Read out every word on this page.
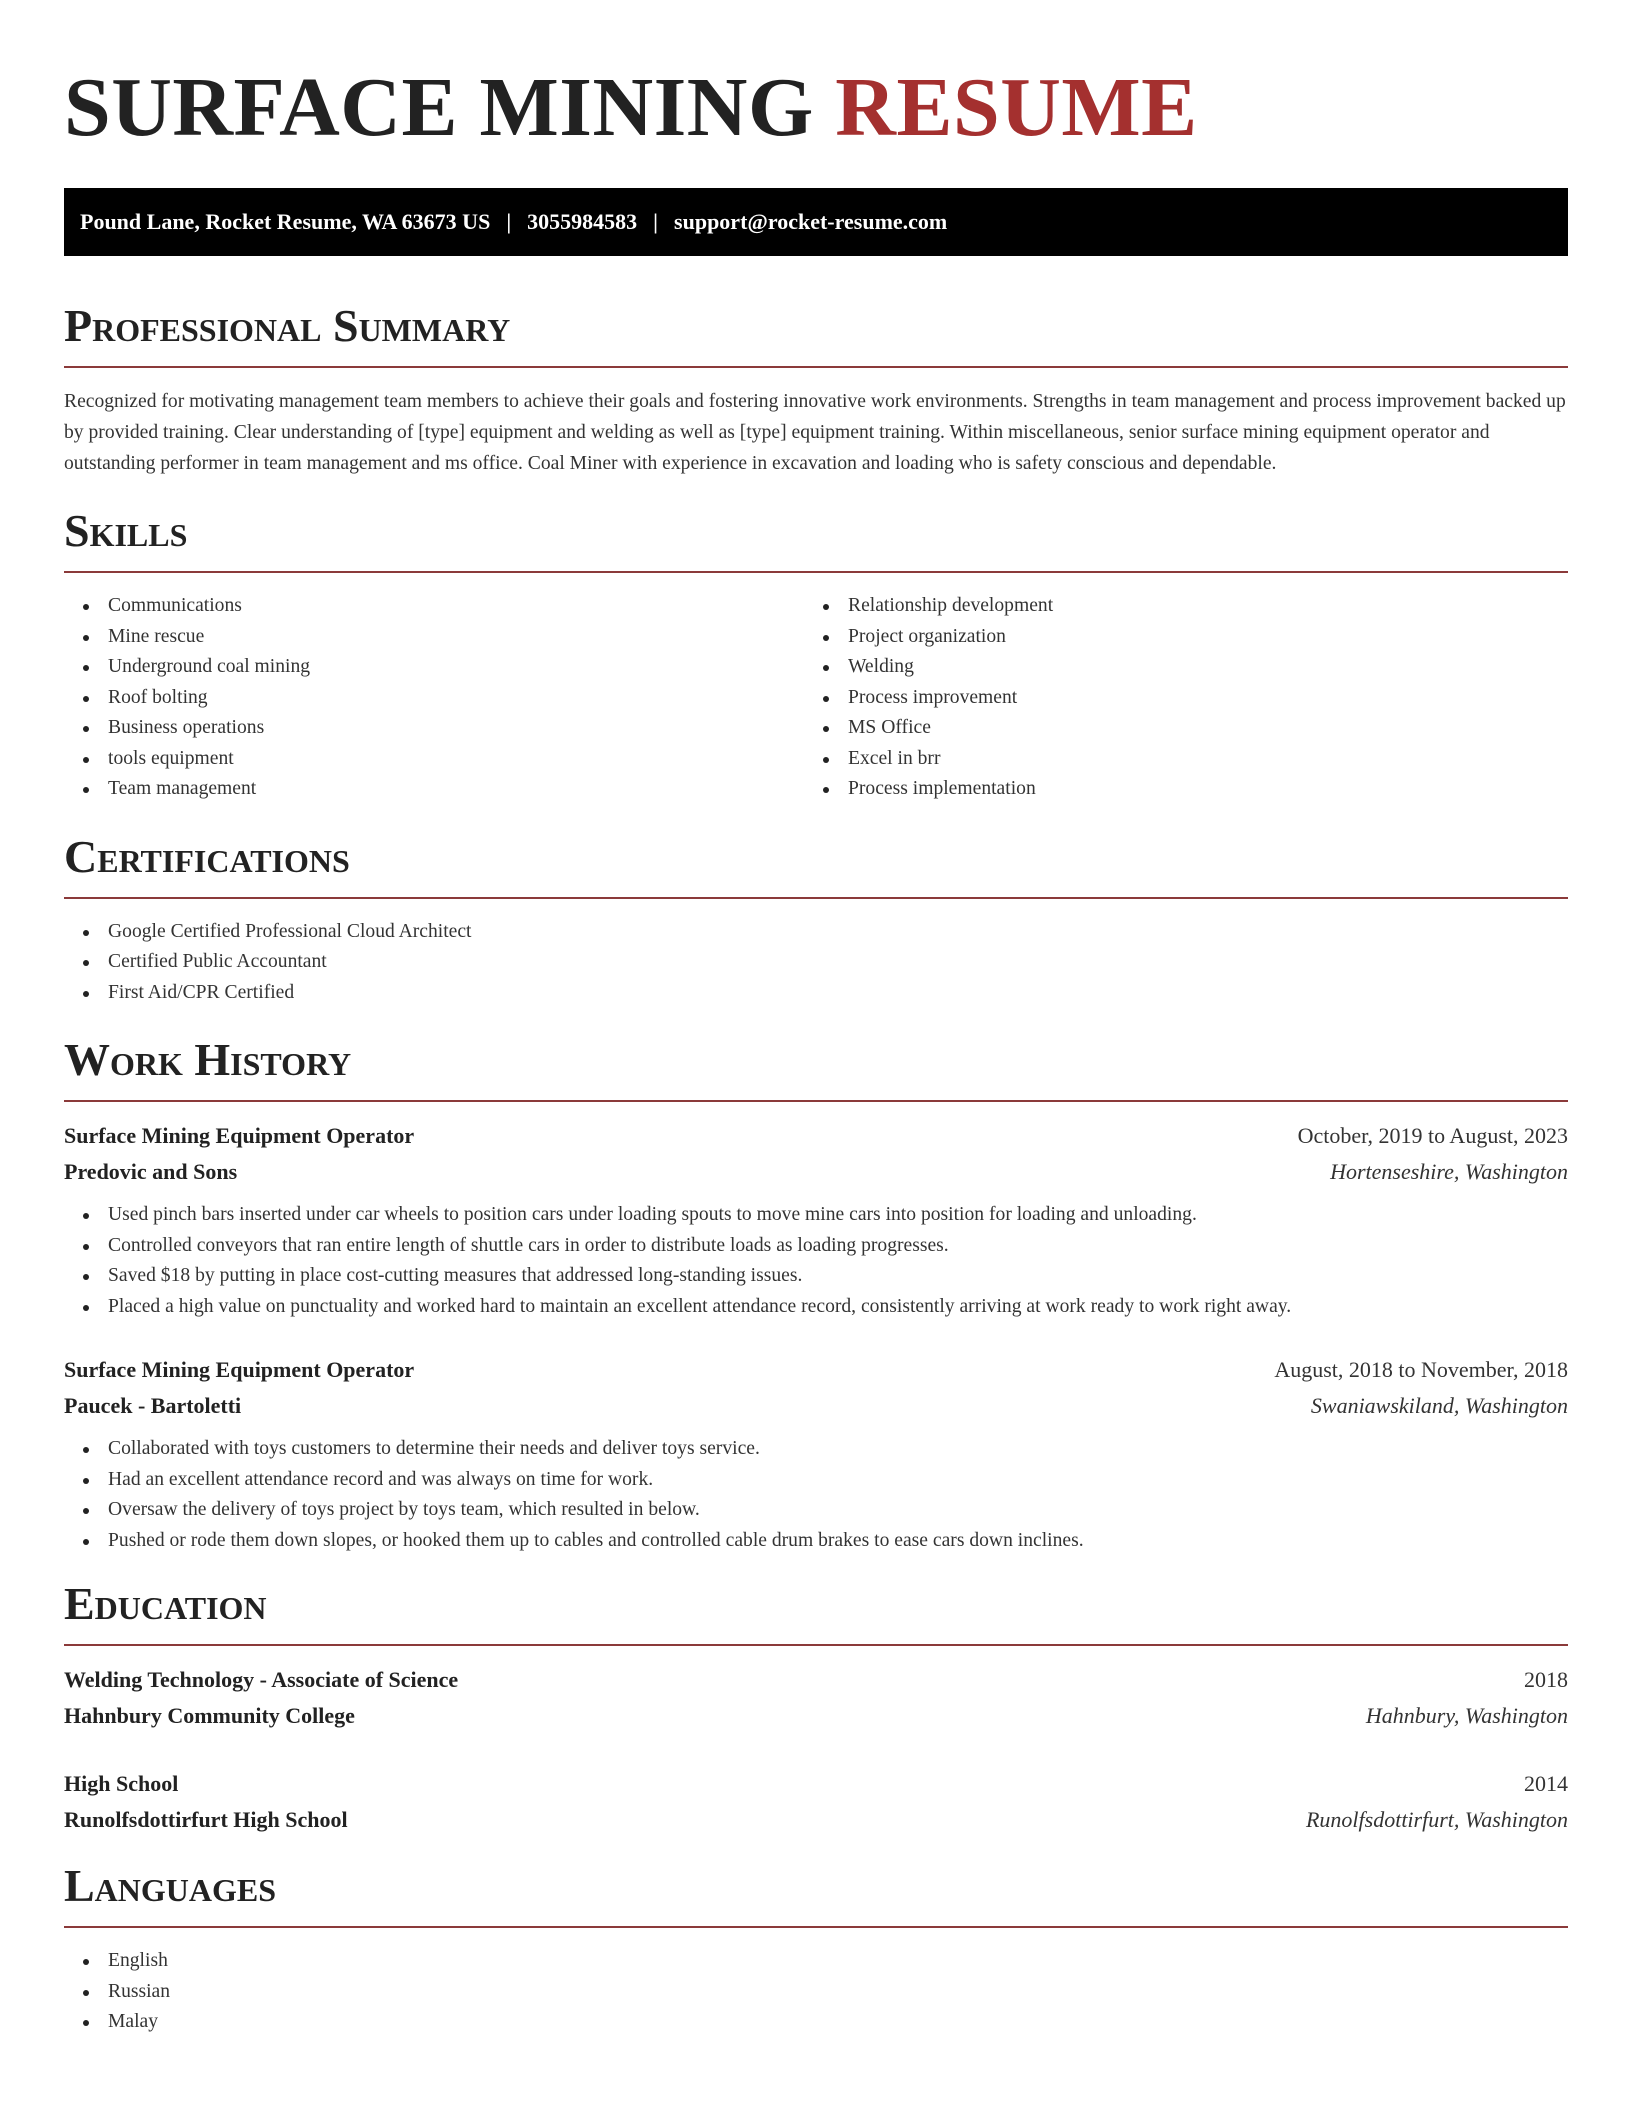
SURFACE MINING RESUME
Pound Lane, Rocket Resume, WA 63673 US | 3055984583 | support@rocket-resume.com
Professional Summary

Recognized for motivating management team members to achieve their goals and fostering innovative work environments. Strengths in team management and process improvement backed up by provided training. Clear understanding of [type] equipment and welding as well as [type] equipment training. Within miscellaneous, senior surface mining equipment operator and outstanding performer in team management and ms office. Coal Miner with experience in excavation and loading who is safety conscious and dependable.

Skills
Communications
Mine rescue
Underground coal mining
Roof bolting
Business operations
tools equipment
Team management
Relationship development
Project organization
Welding
Process improvement
MS Office
Excel in brr
Process implementation
Certifications
Google Certified Professional Cloud Architect
Certified Public Accountant
First Aid/CPR Certified
Work History
Surface Mining Equipment Operator	October, 2019 to August, 2023
Predovic and Sons	Hortenseshire, Washington
Used pinch bars inserted under car wheels to position cars under loading spouts to move mine cars into position for loading and unloading.
Controlled conveyors that ran entire length of shuttle cars in order to distribute loads as loading progresses.
Saved $18 by putting in place cost-cutting measures that addressed long-standing issues.
Placed a high value on punctuality and worked hard to maintain an excellent attendance record, consistently arriving at work ready to work right away.
Surface Mining Equipment Operator	August, 2018 to November, 2018
Paucek - Bartoletti	Swaniawskiland, Washington
Collaborated with toys customers to determine their needs and deliver toys service.
Had an excellent attendance record and was always on time for work.
Oversaw the delivery of toys project by toys team, which resulted in below.
Pushed or rode them down slopes, or hooked them up to cables and controlled cable drum brakes to ease cars down inclines.
Education
Welding Technology - Associate of Science	2018
Hahnbury Community College	Hahnbury, Washington
High School	2014
Runolfsdottirfurt High School	Runolfsdottirfurt, Washington
Languages
English
Russian
Malay
